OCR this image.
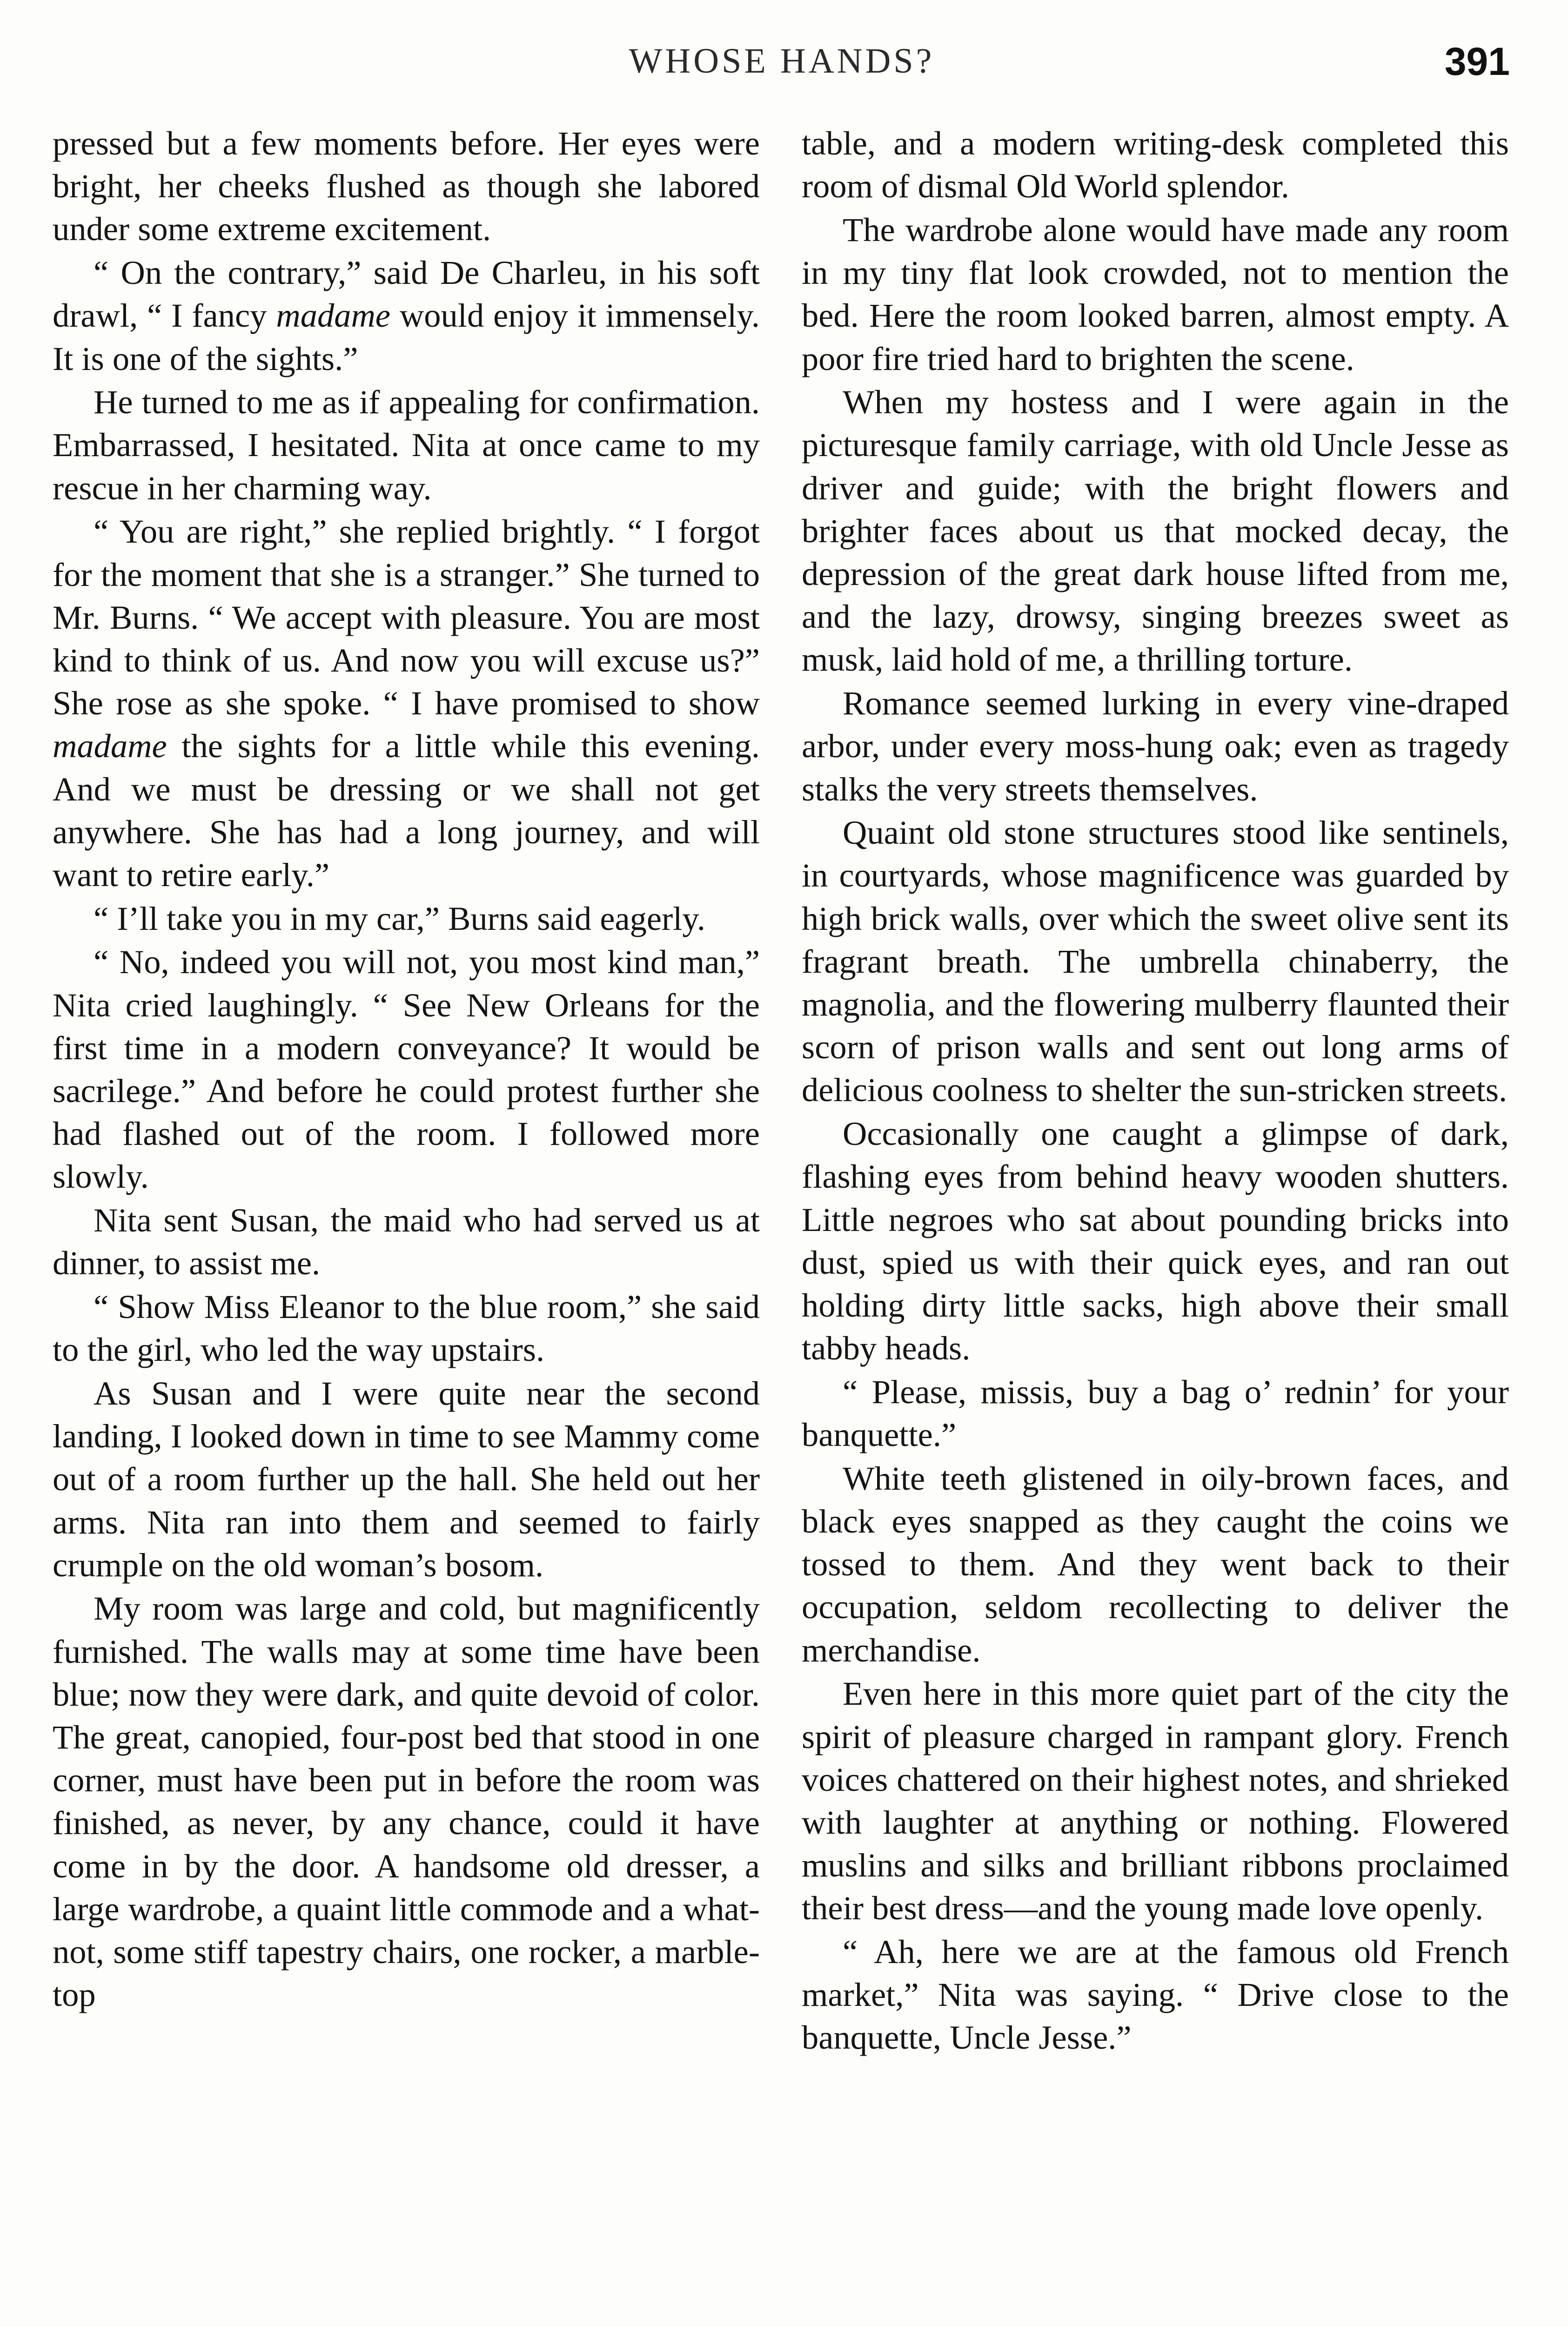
WHOSE HANDS?	391

pressed but a few moments before. Her eyes were bright, her cheeks flushed as though she labored under some extreme excitement.

“ On the contrary,” said De Charleu, in his soft drawl, “ I fancy madame would enjoy it immensely. It is one of the sights.”

He turned to me as if appealing for confirmation. Embarrassed, I hesitated. Nita at once came to my rescue in her charming way.

“ You are right,” she replied brightly. “ I forgot for the moment that she is a stranger.” She turned to Mr. Burns. “ We accept with pleasure. You are most kind to think of us. And now you will excuse us?” She rose as she spoke. “ I have promised to show madame the sights for a little while this evening. And we must be dressing or we shall not get anywhere. She has had a long journey, and will want to retire early.”

“ I’ll take you in my car,” Burns said eagerly.

“ No, indeed you will not, you most kind man,” Nita cried laughingly. “ See New Orleans for the first time in a modern conveyance? It would be sacrilege.” And before he could protest further she had flashed out of the room. I followed more slowly.

Nita sent Susan, the maid who had served us at dinner, to assist me.

“ Show Miss Eleanor to the blue room,” she said to the girl, who led the way upstairs.

As Susan and I were quite near the second landing, I looked down in time to see Mammy come out of a room further up the hall. She held out her arms. Nita ran into them and seemed to fairly crumple on the old woman’s bosom.

My room was large and cold, but magnificently furnished. The walls may at some time have been blue; now they were dark, and quite devoid of color. The great, canopied, four-post bed that stood in one corner, must have been put in before the room was finished, as never, by any chance, could it have come in by the door. A handsome old dresser, a large wardrobe, a quaint little commode and a what-not, some stiff tapestry chairs, one rocker, a marble-top

table, and a modern writing-desk completed this room of dismal Old World splendor.

The wardrobe alone would have made any room in my tiny flat look crowded, not to mention the bed. Here the room looked barren, almost empty. A poor fire tried hard to brighten the scene.

When my hostess and I were again in the picturesque family carriage, with old Uncle Jesse as driver and guide; with the bright flowers and brighter faces about us that mocked decay, the depression of the great dark house lifted from me, and the lazy, drowsy, singing breezes sweet as musk, laid hold of me, a thrilling torture.

Romance seemed lurking in every vine-draped arbor, under every moss-hung oak; even as tragedy stalks the very streets themselves.

Quaint old stone structures stood like sentinels, in courtyards, whose magnificence was guarded by high brick walls, over which the sweet olive sent its fragrant breath. The umbrella chinaberry, the magnolia, and the flowering mulberry flaunted their scorn of prison walls and sent out long arms of delicious coolness to shelter the sun-stricken streets.

Occasionally one caught a glimpse of dark, flashing eyes from behind heavy wooden shutters. Little negroes who sat about pounding bricks into dust, spied us with their quick eyes, and ran out holding dirty little sacks, high above their small tabby heads.

“ Please, missis, buy a bag o’ rednin’ for your banquette.”

White teeth glistened in oily-brown faces, and black eyes snapped as they caught the coins we tossed to them. And they went back to their occupation, seldom recollecting to deliver the merchandise.

Even here in this more quiet part of the city the spirit of pleasure charged in rampant glory. French voices chattered on their highest notes, and shrieked with laughter at anything or nothing. Flowered muslins and silks and brilliant ribbons proclaimed their best dress—and the young made love openly.

“ Ah, here we are at the famous old French market,” Nita was saying. “ Drive close to the banquette, Uncle Jesse.”
